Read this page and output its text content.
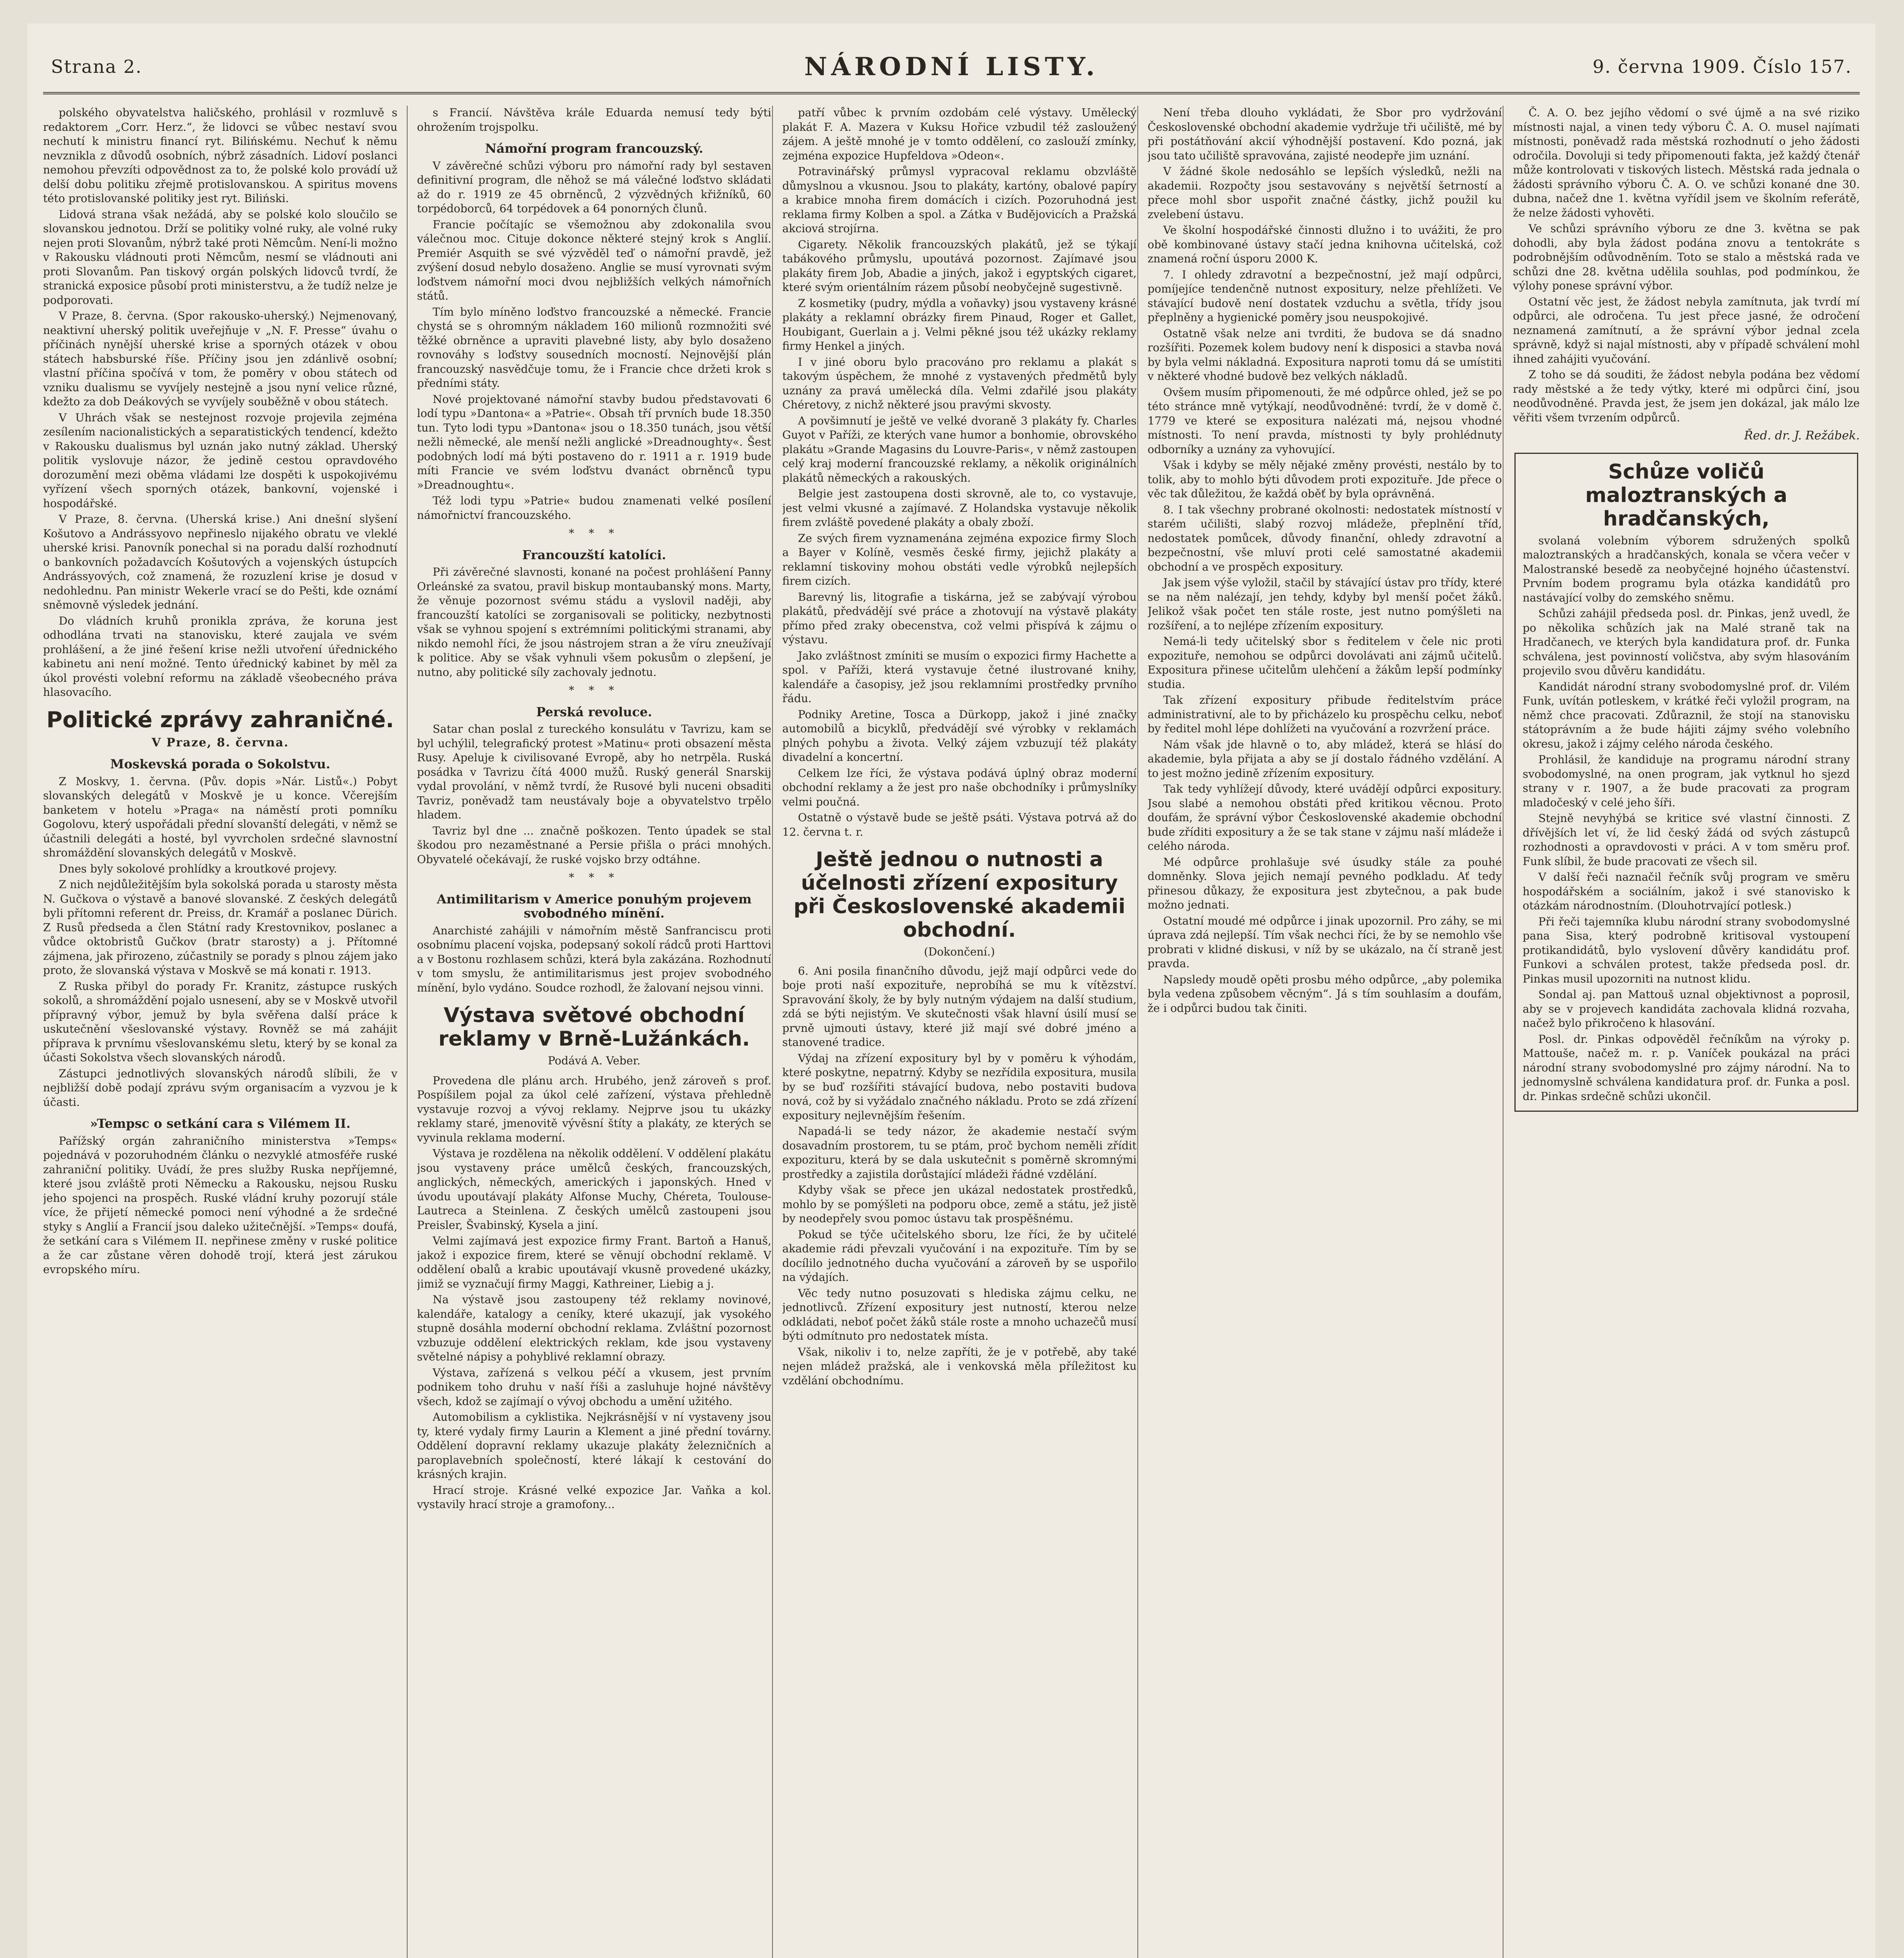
Strana 2.	NÁRODNÍ LISTY.	9. června 1909. Číslo 157.

polského obyvatelstva haličského, prohlásil v rozmluvě s redaktorem „Corr. Herz.“, že lidovci se vůbec nestaví svou nechutí k ministru financí ryt. Bilińskému. Nechuť k němu nevznikla z důvodů osobních, nýbrž zásadních. Lidoví poslanci nemohou převzíti odpovědnost za to, že polské kolo provádí už delší dobu politiku zřejmě protislovanskou. A spiritus movens této protislovanské politiky jest ryt. Biliński.

Lidová strana však nežádá, aby se polské kolo sloučilo se slovanskou jednotou. Drží se politiky volné ruky, ale volné ruky nejen proti Slovanům, nýbrž také proti Němcům. Není-li možno v Rakousku vládnouti proti Němcům, nesmí se vládnouti ani proti Slovanům. Pan tiskový orgán polských lidovců tvrdí, že stranická exposice působí proti ministerstvu, a že tudíž nelze je podporovati.

V Praze, 8. června. (Spor rakousko-uherský.) Nejmenovaný, neaktivní uherský politik uveřejňuje v „N. F. Presse“ úvahu o příčinách nynější uherské krise a sporných otázek v obou státech habsburské říše. Příčiny jsou jen zdánlivě osobní; vlastní příčina spočívá v tom, že poměry v obou státech od vzniku dualismu se vyvíjely nestejně a jsou nyní velice různé, kdežto za dob Deákových se vyvíjely souběžně v obou státech.

V Uhrách však se nestejnost rozvoje projevila zejména zesílením nacionalistických a separatistických tendencí, kdežto v Rakousku dualismus byl uznán jako nutný základ. Uherský politik vyslovuje názor, že jedině cestou opravdového dorozumění mezi oběma vládami lze dospěti k uspokojivému vyřízení všech sporných otázek, bankovní, vojenské i hospodářské.

V Praze, 8. června. (Uherská krise.) Ani dnešní slyšení Košutovo a Andrássyovo nepřineslo nijakého obratu ve vleklé uherské krisi. Panovník ponechal si na poradu další rozhodnutí o bankovních požadavcích Košutových a vojenských ústupcích Andrássyových, což znamená, že rozuzlení krise je dosud v nedohlednu. Pan ministr Wekerle vrací se do Pešti, kde oznámí sněmovně výsledek jednání.

Do vládních kruhů pronikla zpráva, že koruna jest odhodlána trvati na stanovisku, které zaujala ve svém prohlášení, a že jiné řešení krise nežli utvoření úřednického kabinetu ani není možné. Tento úřednický kabinet by měl za úkol provésti volební reformu na základě všeobecného práva hlasovacího.

Politické zprávy zahraničné.
V Praze, 8. června.
Moskevská porada o Sokolstvu.

Z Moskvy, 1. června. (Pův. dopis »Nár. Listů«.) Pobyt slovanských delegátů v Moskvě je u konce. Včerejším banketem v hotelu »Praga« na náměstí proti pomníku Gogolovu, který uspořádali přední slovanští delegáti, v němž se účastnili delegáti a hosté, byl vyvrcholen srdečné slavnostní shromáždění slovanských delegátů v Moskvě.

Dnes byly sokolové prohlídky a kroutkové projevy.

Z nich nejdůležitějším byla sokolská porada u starosty města N. Gučkova o výstavě a banové slovanské. Z českých delegátů byli přítomni referent dr. Preiss, dr. Kramář a poslanec Dürich. Z Rusů předseda a člen Státní rady Krestovnikov, poslanec a vůdce oktobristů Gučkov (bratr starosty) a j. Přítomné zájmena, jak přirozeno, zúčastnily se porady s plnou zájem jako proto, že slovanská výstava v Moskvě se má konati r. 1913.

Z Ruska přibyl do porady Fr. Kranitz, zástupce ruských sokolů, a shromáždění pojalo usnesení, aby se v Moskvě utvořil přípravný výbor, jemuž by byla svěřena další práce k uskutečnění všeslovanské výstavy. Rovněž se má zahájit příprava k prvnímu všeslovanskému sletu, který by se konal za účasti Sokolstva všech slovanských národů.

Zástupci jednotlivých slovanských národů slíbili, že v nejbližší době podají zprávu svým organisacím a vyzvou je k účasti.

»Tempsc o setkání cara s Vilémem II.

Pařížský orgán zahraničního ministerstva »Temps« pojednává v pozoruhodném článku o nezvyklé atmosféře ruské zahraniční politiky. Uvádí, že pres služby Ruska nepříjemné, které jsou zvláště proti Německu a Rakousku, nejsou Rusku jeho spojenci na prospěch. Ruské vládní kruhy pozorují stále více, že přijetí německé pomoci není výhodné a že srdečné styky s Anglií a Francií jsou daleko užitečnější. »Temps« doufá, že setkání cara s Vilémem II. nepřinese změny v ruské politice a že car zůstane věren dohodě trojí, která jest zárukou evropského míru.

s Francií. Návštěva krále Eduarda nemusí tedy býti ohrožením trojspolku.

Námořní program francouzský.

V závěrečné schůzi výboru pro námořní rady byl sestaven definitivní program, dle něhož se má válečné loďstvo skládati až do r. 1919 ze 45 obrněnců, 2 výzvědných křižníků, 60 torpédoborců, 64 torpédovek a 64 ponorných člunů.

Francie počítajíc se všemožnou aby zdokonalila svou válečnou moc. Cituje dokonce některé stejný krok s Anglií. Premiér Asquith se své výzvěděl teď o námořní pravdě, jež zvýšení dosud nebylo dosaženo. Anglie se musí vyrovnati svým loďstvem námořní moci dvou nejbližších velkých námořních států.

Tím bylo míněno loďstvo francouzské a německé. Francie chystá se s ohromným nákladem 160 milionů rozmnožiti své těžké obrněnce a upraviti plavebné listy, aby bylo dosaženo rovnováhy s loďstvy sousedních mocností. Nejnovější plán francouzský nasvědčuje tomu, že i Francie chce držeti krok s předními státy.

Nové projektované námořní stavby budou představovati 6 lodí typu »Dantona« a »Patrie«. Obsah tří prvních bude 18.350 tun. Tyto lodi typu »Dantona« jsou o 18.350 tunách, jsou větší nežli německé, ale menší nežli anglické »Dreadnoughty«. Šest podobných lodí má býti postaveno do r. 1911 a r. 1919 bude míti Francie ve svém loďstvu dvanáct obrněnců typu »Dreadnoughtu«.

Též lodi typu »Patrie« budou znamenati velké posílení námořnictví francouzského.

* * *
Francouzští katolíci.

Při závěrečné slavnosti, konané na počest prohlášení Panny Orleánské za svatou, pravil biskup montaubanský mons. Marty, že věnuje pozornost svému stádu a vyslovil naději, aby francouzští katolíci se zorganisovali se politicky, nezbytnosti však se vyhnou spojení s extrémními politickými stranami, aby nikdo nemohl říci, že jsou nástrojem stran a že víru zneužívají k politice. Aby se však vyhnuli všem pokusům o zlepšení, je nutno, aby politické síly zachovaly jednotu.

* * *
Perská revoluce.

Satar chan poslal z tureckého konsulátu v Tavrizu, kam se byl uchýlil, telegrafický protest »Matinu« proti obsazení města Rusy. Apeluje k civilisované Evropě, aby ho netrpěla. Ruská posádka v Tavrizu čítá 4000 mužů. Ruský generál Snarskij vydal provolání, v němž tvrdí, že Rusové byli nuceni obsaditi Tavriz, poněvadž tam neustávaly boje a obyvatelstvo trpělo hladem.

Tavriz byl dne ... značně poškozen. Tento úpadek se stal škodou pro nezaměstnané a Persie přišla o práci mnohých. Obyvatelé očekávají, že ruské vojsko brzy odtáhne.

* * *
Antimilitarism v Americe ponuhým projevem svobodného mínění.

Anarchisté zahájili v námořním městě Sanfranciscu proti osobnímu placení vojska, podepsaný sokolí rádců proti Harttovi a v Bostonu rozhlasem schůzi, která byla zakázána. Rozhodnutí v tom smyslu, že antimilitarismus jest projev svobodného mínění, bylo vydáno. Soudce rozhodl, že žalovaní nejsou vinni.

Výstava světové obchodní reklamy v Brně-Lužánkách.
Podává A. Veber.

Provedena dle plánu arch. Hrubého, jenž zároveň s prof. Pospíšilem pojal za úkol celé zařízení, výstava přehledně vystavuje rozvoj a vývoj reklamy. Nejprve jsou tu ukázky reklamy staré, jmenovitě vývěsní štíty a plakáty, ze kterých se vyvinula reklama moderní.

Výstava je rozdělena na několik oddělení. V oddělení plakátu jsou vystaveny práce umělců českých, francouzských, anglických, německých, amerických i japonských. Hned v úvodu upoutávají plakáty Alfonse Muchy, Chéreta, Toulouse-Lautreca a Steinlena. Z českých umělců zastoupeni jsou Preisler, Švabinský, Kysela a jiní.

Velmi zajímavá jest expozice firmy Frant. Bartoň a Hanuš, jakož i expozice firem, které se věnují obchodní reklamě. V oddělení obalů a krabic upoutávají vkusně provedené ukázky, jimiž se vyznačují firmy Maggi, Kathreiner, Liebig a j.

Na výstavě jsou zastoupeny též reklamy novinové, kalendáře, katalogy a ceníky, které ukazují, jak vysokého stupně dosáhla moderní obchodní reklama. Zvláštní pozornost vzbuzuje oddělení elektrických reklam, kde jsou vystaveny světelné nápisy a pohyblivé reklamní obrazy.

Výstava, zařízená s velkou péčí a vkusem, jest prvním podnikem toho druhu v naší říši a zasluhuje hojné návštěvy všech, kdož se zajímají o vývoj obchodu a umění užitého.

Automobilism a cyklistika. Nejkrásnější v ní vystaveny jsou ty, které vydaly firmy Laurin a Klement a jiné přední továrny. Oddělení dopravní reklamy ukazuje plakáty železničních a paroplavebních společností, které lákají k cestování do krásných krajin.

Hrací stroje. Krásné velké expozice Jar. Vaňka a kol. vystavily hrací stroje a gramofony...

patří vůbec k prvním ozdobám celé výstavy. Umělecký plakát F. A. Mazera v Kuksu Hořice vzbudil též zasloužený zájem. A ještě mnohé je v tomto oddělení, co zaslouží zmínky, zejména expozice Hupfeldova »Odeon«.

Potravinářský průmysl vypracoval reklamu obzvláště důmyslnou a vkusnou. Jsou to plakáty, kartóny, obalové papíry a krabice mnoha firem domácích i cizích. Pozoruhodná jest reklama firmy Kolben a spol. a Zátka v Budějovicích a Pražská akciová strojírna.

Cigarety. Několik francouzských plakátů, jež se týkají tabákového průmyslu, upoutává pozornost. Zajímavé jsou plakáty firem Job, Abadie a jiných, jakož i egyptských cigaret, které svým orientálním rázem působí neobyčejně sugestivně.

Z kosmetiky (pudry, mýdla a voňavky) jsou vystaveny krásné plakáty a reklamní obrázky firem Pinaud, Roger et Gallet, Houbigant, Guerlain a j. Velmi pěkné jsou též ukázky reklamy firmy Henkel a jiných.

I v jiné oboru bylo pracováno pro reklamu a plakát s takovým úspěchem, že mnohé z vystavených předmětů byly uznány za pravá umělecká díla. Velmi zdařilé jsou plakáty Chéretovy, z nichž některé jsou pravými skvosty.

A povšimnutí je ještě ve velké dvoraně 3 plakáty fy. Charles Guyot v Paříži, ze kterých vane humor a bonhomie, obrovského plakátu »Grande Magasins du Louvre-Paris«, v němž zastoupen celý kraj moderní francouzské reklamy, a několik originálních plakátů německých a rakouských.

Belgie jest zastoupena dosti skrovně, ale to, co vystavuje, jest velmi vkusné a zajímavé. Z Holandska vystavuje několik firem zvláště povedené plakáty a obaly zboží.

Ze svých firem vyznamenána zejména expozice firmy Sloch a Bayer v Kolíně, vesměs české firmy, jejichž plakáty a reklamní tiskoviny mohou obstáti vedle výrobků nejlepších firem cizích.

Barevný lis, litografie a tiskárna, jež se zabývají výrobou plakátů, předvádějí své práce a zhotovují na výstavě plakáty přímo před zraky obecenstva, což velmi přispívá k zájmu o výstavu.

Jako zvláštnost zmíniti se musím o expozici firmy Hachette a spol. v Paříži, která vystavuje četné ilustrované knihy, kalendáře a časopisy, jež jsou reklamními prostředky prvního řádu.

Podniky Aretine, Tosca a Dürkopp, jakož i jiné značky automobilů a bicyklů, předvádějí své výrobky v reklamách plných pohybu a života. Velký zájem vzbuzují též plakáty divadelní a koncertní.

Celkem lze říci, že výstava podává úplný obraz moderní obchodní reklamy a že jest pro naše obchodníky i průmyslníky velmi poučná.

Ostatně o výstavě bude se ještě psáti. Výstava potrvá až do 12. června t. r.

Ještě jednou o nutnosti a účelnosti zřízení expositury při Československé akademii obchodní.
(Dokončení.)

6. Ani posila finančního důvodu, jejž mají odpůrci vede do boje proti naší expozituře, neprobíhá se mu k vítězství. Spravování školy, že by byly nutným výdajem na další studium, zdá se býti nejistým. Ve skutečnosti však hlavní úsilí musí se prvně ujmouti ústavy, které již mají své dobré jméno a stanovené tradice.

Výdaj na zřízení expositury byl by v poměru k výhodám, které poskytne, nepatrný. Kdyby se nezřídila expositura, musila by se buď rozšířiti stávající budova, nebo postaviti budova nová, což by si vyžádalo značného nákladu. Proto se zdá zřízení expositury nejlevnějším řešením.

Napadá-li se tedy názor, že akademie nestačí svým dosavadním prostorem, tu se ptám, proč bychom neměli zřídit expozituru, která by se dala uskutečnit s poměrně skromnými prostředky a zajistila dorůstající mládeži řádné vzdělání.

Kdyby však se přece jen ukázal nedostatek prostředků, mohlo by se pomýšleti na podporu obce, země a státu, jež jistě by neodepřely svou pomoc ústavu tak prospěšnému.

Pokud se týče učitelského sboru, lze říci, že by učitelé akademie rádi převzali vyučování i na expozituře. Tím by se docílilo jednotného ducha vyučování a zároveň by se uspořilo na výdajích.

Věc tedy nutno posuzovati s hlediska zájmu celku, ne jednotlivců. Zřízení expositury jest nutností, kterou nelze odkládati, neboť počet žáků stále roste a mnoho uchazečů musí býti odmítnuto pro nedostatek místa.

Však, nikoliv i to, nelze zapříti, že je v potřebě, aby také nejen mládež pražská, ale i venkovská měla příležitost ku vzdělání obchodnímu.

Není třeba dlouho vykládati, že Sbor pro vydržování Československé obchodní akademie vydržuje tři učiliště, mé by při postátňování akcií výhodnější postavení. Kdo pozná, jak jsou tato učiliště spravována, zajisté neodepře jim uznání.

V žádné škole nedosáhlo se lepších výsledků, nežli na akademii. Rozpočty jsou sestavovány s největší šetrností a přece mohl sbor uspořit značné částky, jichž použil ku zvelebení ústavu.

Ve školní hospodářské činnosti dlužno i to uvážiti, že pro obě kombinované ústavy stačí jedna knihovna učitelská, což znamená roční úsporu 2000 K.

7. I ohledy zdravotní a bezpečnostní, jež mají odpůrci, pomíjejíce tendenčně nutnost expositury, nelze přehlížeti. Ve stávající budově není dostatek vzduchu a světla, třídy jsou přeplněny a hygienické poměry jsou neuspokojivé.

Ostatně však nelze ani tvrditi, že budova se dá snadno rozšířiti. Pozemek kolem budovy není k disposici a stavba nová by byla velmi nákladná. Expositura naproti tomu dá se umístiti v některé vhodné budově bez velkých nákladů.

Ovšem musím připomenouti, že mé odpůrce ohled, jež se po této stránce mně vytýkají, neodůvodněné: tvrdí, že v domě č. 1779 ve které se expositura nalézati má, nejsou vhodné místnosti. To není pravda, místnosti ty byly prohlédnuty odborníky a uznány za vyhovující.

Však i kdyby se měly nějaké změny provésti, nestálo by to tolik, aby to mohlo býti důvodem proti expozituře. Jde přece o věc tak důležitou, že každá oběť by byla oprávněná.

8. I tak všechny probrané okolnosti: nedostatek místností v starém učilišti, slabý rozvoj mládeže, přeplnění tříd, nedostatek pomůcek, důvody finanční, ohledy zdravotní a bezpečnostní, vše mluví proti celé samostatné akademii obchodní a ve prospěch expositury.

Jak jsem výše vyložil, stačil by stávající ústav pro třídy, které se na něm nalézají, jen tehdy, kdyby byl menší počet žáků. Jelikož však počet ten stále roste, jest nutno pomýšleti na rozšíření, a to nejlépe zřízením expositury.

Nemá-li tedy učitelský sbor s ředitelem v čele nic proti expozituře, nemohou se odpůrci dovolávati ani zájmů učitelů. Expositura přinese učitelům ulehčení a žákům lepší podmínky studia.

Tak zřízení expositury přibude ředitelstvím práce administrativní, ale to by přicházelo ku prospěchu celku, neboť by ředitel mohl lépe dohlížeti na vyučování a rozvržení práce.

Nám však jde hlavně o to, aby mládež, která se hlásí do akademie, byla přijata a aby se jí dostalo řádného vzdělání. A to jest možno jedině zřízením expositury.

Tak tedy vyhlížejí důvody, které uvádějí odpůrci expositury. Jsou slabé a nemohou obstáti před kritikou věcnou. Proto doufám, že správní výbor Československé akademie obchodní bude zříditi expositury a že se tak stane v zájmu naší mládeže i celého národa.

Mé odpůrce prohlašuje své úsudky stále za pouhé domněnky. Slova jejich nemají pevného podkladu. Ať tedy přinesou důkazy, že expositura jest zbytečnou, a pak bude možno jednati.

Ostatní moudé mé odpůrce i jinak upozornil. Pro záhy, se mi úprava zdá nejlepší. Tím však nechci říci, že by se nemohlo vše probrati v klidné diskusi, v níž by se ukázalo, na čí straně jest pravda.

Napsledy moudě opěti prosbu mého odpůrce, „aby polemika byla vedena způsobem věcným“. Já s tím souhlasím a doufám, že i odpůrci budou tak činiti.

Č. A. O. bez jejího vědomí o své újmě a na své riziko místnosti najal, a vinen tedy výboru Č. A. O. musel najímati místnosti, poněvadž rada městská rozhodnutí o jeho žádosti odročila. Dovoluji si tedy připomenouti fakta, jež každý čtenář může kontrolovati v tiskových listech. Městská rada jednala o žádosti správního výboru Č. A. O. ve schůzi konané dne 30. dubna, načež dne 1. května vyřídil jsem ve školním referátě, že nelze žádosti vyhověti.

Ve schůzi správního výboru ze dne 3. května se pak dohodli, aby byla žádost podána znovu a tentokráte s podrobnějším odůvodněním. Toto se stalo a městská rada ve schůzi dne 28. května udělila souhlas, pod podmínkou, že výlohy ponese správní výbor.

Ostatní věc jest, že žádost nebyla zamítnuta, jak tvrdí mí odpůrci, ale odročena. Tu jest přece jasné, že odročení neznamená zamítnutí, a že správní výbor jednal zcela správně, když si najal místnosti, aby v případě schválení mohl ihned zahájiti vyučování.

Z toho se dá souditi, že žádost nebyla podána bez vědomí rady městské a že tedy výtky, které mi odpůrci činí, jsou neodůvodněné. Pravda jest, že jsem jen dokázal, jak málo lze věřiti všem tvrzením odpůrců.

Řed. dr. J. Režábek.
Schůze voličů maloztranských a hradčanských,

svolaná volebním výborem sdružených spolků maloztranských a hradčanských, konala se včera večer v Malostranské besedě za neobyčejné hojného účastenství. Prvním bodem programu byla otázka kandidátů pro nastávající volby do zemského sněmu.

Schůzi zahájil předseda posl. dr. Pinkas, jenž uvedl, že po několika schůzích jak na Malé straně tak na Hradčanech, ve kterých byla kandidatura prof. dr. Funka schválena, jest povinností voličstva, aby svým hlasováním projevilo svou důvěru kandidátu.

Kandidát národní strany svobodomyslné prof. dr. Vilém Funk, uvítán potleskem, v krátké řeči vyložil program, na němž chce pracovati. Zdůraznil, že stojí na stanovisku státoprávním a že bude hájiti zájmy svého volebního okresu, jakož i zájmy celého národa českého.

Prohlásil, že kandiduje na programu národní strany svobodomyslné, na onen program, jak vytknul ho sjezd strany v r. 1907, a že bude pracovati za program mladočeský v celé jeho šíři.

Stejně nevyhýbá se kritice své vlastní činnosti. Z dřívějších let ví, že lid český žádá od svých zástupců rozhodnosti a opravdovosti v práci. A v tom směru prof. Funk slíbil, že bude pracovati ze všech sil.

V další řeči naznačil řečník svůj program ve směru hospodářském a sociálním, jakož i své stanovisko k otázkám národnostním. (Dlouhotrvající potlesk.)

Při řeči tajemníka klubu národní strany svobodomyslné pana Sisa, který podrobně kritisoval vystoupení protikandidátů, bylo vyslovení důvěry kandidátu prof. Funkovi a schválen protest, takže předseda posl. dr. Pinkas musil upozorniti na nutnost klidu.

Sondal aj. pan Mattouš uznal objektivnost a poprosil, aby se v projevech kandidáta zachovala klidná rozvaha, načež bylo přikročeno k hlasování.

Posl. dr. Pinkas odpověděl řečníkům na výroky p. Mattouše, načež m. r. p. Vaníček poukázal na práci národní strany svobodomyslné pro zájmy národní. Na to jednomyslně schválena kandidatura prof. dr. Funka a posl. dr. Pinkas srdečně schůzi ukončil.
